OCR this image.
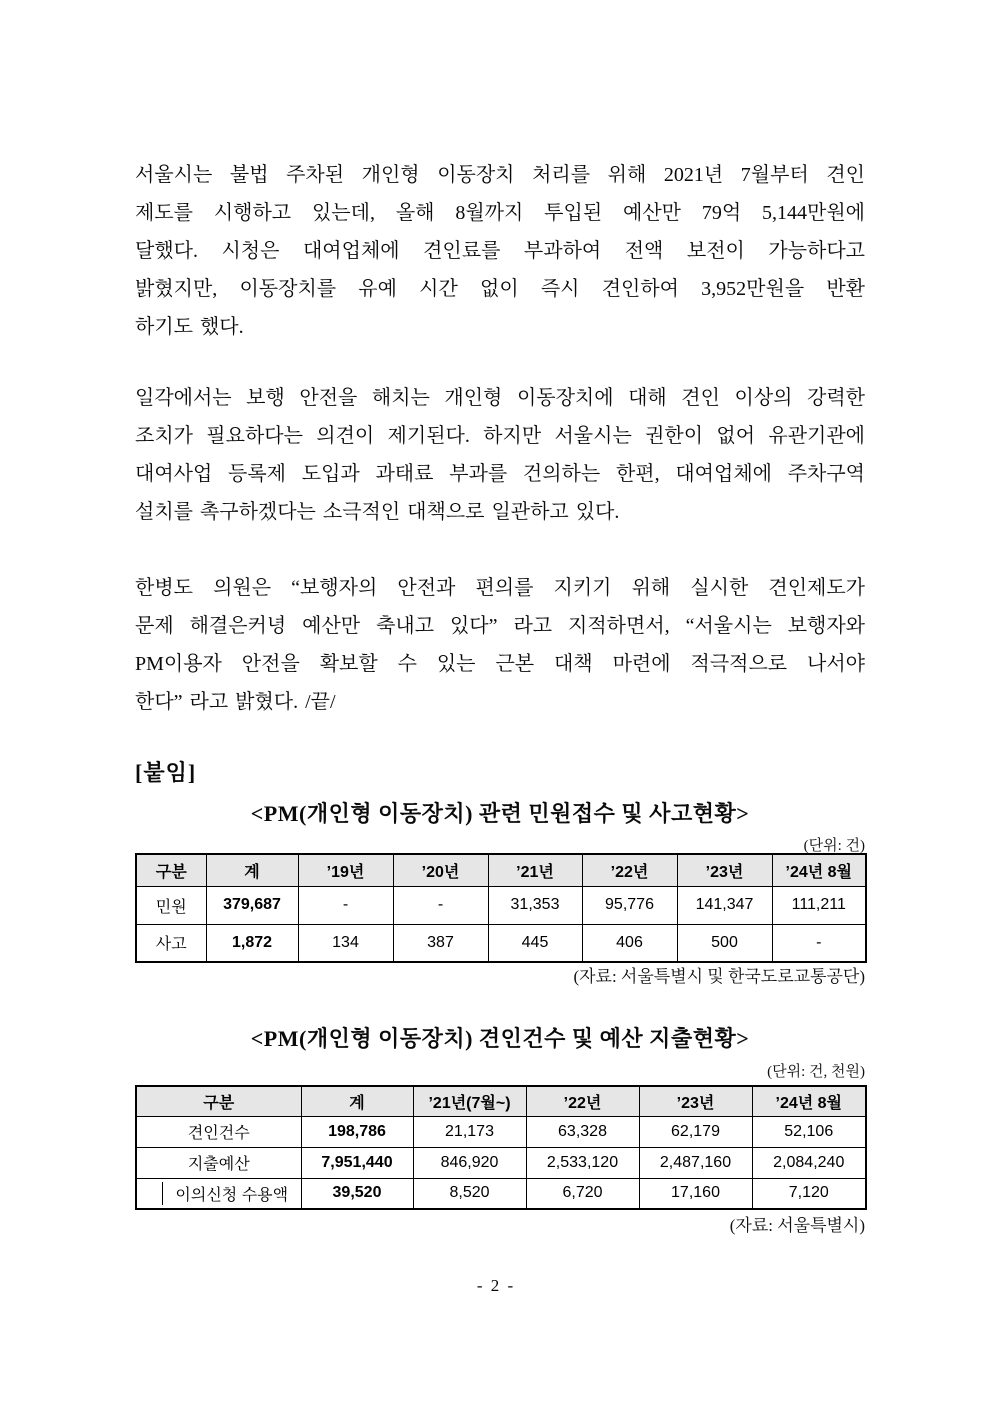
서울시는 불법 주차된 개인형 이동장치 처리를 위해 2021년 7월부터 견인
제도를 시행하고 있는데, 올해 8월까지 투입된 예산만 79억 5,144만원에
달했다. 시청은 대여업체에 견인료를 부과하여 전액 보전이 가능하다고
밝혔지만, 이동장치를 유예 시간 없이 즉시 견인하여 3,952만원을 반환
하기도 했다.
일각에서는 보행 안전을 해치는 개인형 이동장치에 대해 견인 이상의 강력한
조치가 필요하다는 의견이 제기된다. 하지만 서울시는 권한이 없어 유관기관에
대여사업 등록제 도입과 과태료 부과를 건의하는 한편, 대여업체에 주차구역
설치를 촉구하겠다는 소극적인 대책으로 일관하고 있다.
한병도 의원은 “보행자의 안전과 편의를 지키기 위해 실시한 견인제도가
문제 해결은커녕 예산만 축내고 있다” 라고 지적하면서, “서울시는 보행자와
PM이용자 안전을 확보할 수 있는 근본 대책 마련에 적극적으로 나서야
한다” 라고 밝혔다. /끝/
[붙임]
<PM(개인형 이동장치) 관련 민원접수 및 사고현황>
(단위: 건)
구분	계	’19년	’20년	’21년	’22년	’23년	’24년 8월
민원	379,687	-	-	31,353	95,776	141,347	111,211
사고	1,872	134	387	445	406	500	-
(자료: 서울특별시 및 한국도로교통공단)
<PM(개인형 이동장치) 견인건수 및 예산 지출현황>
(단위: 건, 천원)
구분	계	’21년(7월~)	’22년	’23년	’24년 8월
견인건수	198,786	21,173	63,328	62,179	52,106
지출예산	7,951,440	846,920	2,533,120	2,487,160	2,084,240

이의신청 수용액	39,520	8,520	6,720	17,160	7,120
(자료: 서울특별시)
- 2 -
